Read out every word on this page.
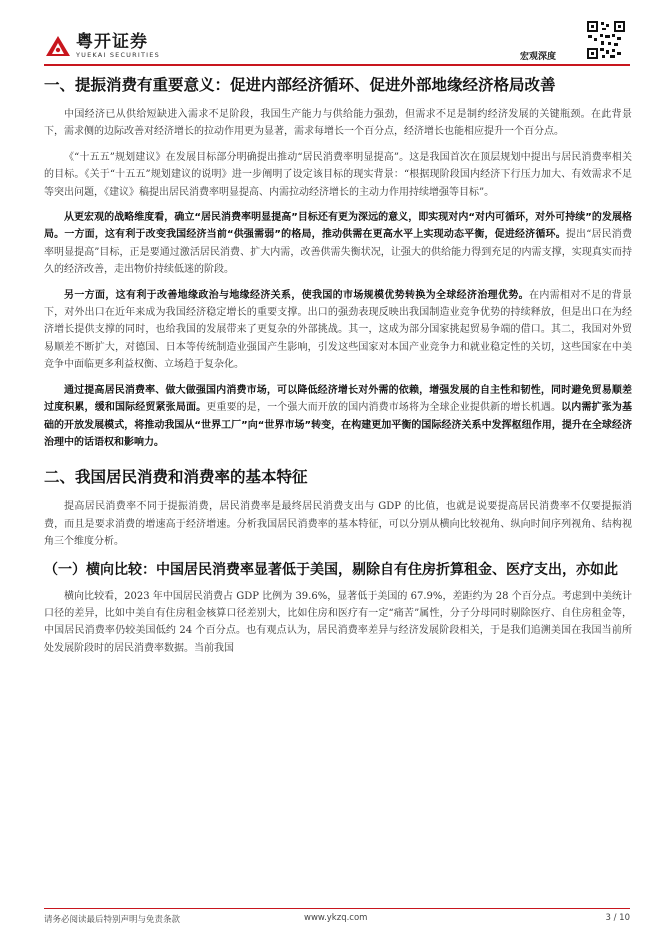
粤开证券
YUEKAI SECURITIES	宏观深度
一、提振消费有重要意义：促进内部经济循环、促进外部地缘经济格局改善

中国经济已从供给短缺进入需求不足阶段，我国生产能力与供给能力强劲，但需求不足是制约经济发展的关键瓶颈。在此背景下，需求侧的边际改善对经济增长的拉动作用更为显著，需求每增长一个百分点，经济增长也能相应提升一个百分点。

《“十五五”规划建议》在发展目标部分明确提出推动“居民消费率明显提高”。这是我国首次在顶层规划中提出与居民消费率相关的目标。《关于“十五五”规划建议的说明》进一步阐明了设定该目标的现实背景：“根据现阶段国内经济下行压力加大、有效需求不足等突出问题，《建议》稿提出居民消费率明显提高、内需拉动经济增长的主动力作用持续增强等目标”。

从更宏观的战略维度看，确立“居民消费率明显提高”目标还有更为深远的意义，即实现对内“对内可循环，对外可持续”的发展格局。一方面，这有利于改变我国经济当前“供强需弱”的格局，推动供需在更高水平上实现动态平衡，促进经济循环。提出“居民消费率明显提高”目标，正是要通过激活居民消费、扩大内需，改善供需失衡状况，让强大的供给能力得到充足的内需支撑，实现真实而持久的经济改善，走出物价持续低迷的阶段。

另一方面，这有利于改善地缘政治与地缘经济关系，使我国的市场规模优势转换为全球经济治理优势。在内需相对不足的背景下，对外出口在近年来成为我国经济稳定增长的重要支撑。出口的强劲表现反映出我国制造业竞争优势的持续释放，但是出口在为经济增长提供支撑的同时，也给我国的发展带来了更复杂的外部挑战。其一，这成为部分国家挑起贸易争端的借口。其二，我国对外贸易顺差不断扩大，对德国、日本等传统制造业强国产生影响，引发这些国家对本国产业竞争力和就业稳定性的关切，这些国家在中美竞争中面临更多利益权衡、立场趋于复杂化。

通过提高居民消费率、做大做强国内消费市场，可以降低经济增长对外需的依赖，增强发展的自主性和韧性，同时避免贸易顺差过度积累，缓和国际经贸紧张局面。更重要的是，一个强大而开放的国内消费市场将为全球企业提供新的增长机遇。以内需扩张为基础的开放发展模式，将推动我国从“世界工厂”向“世界市场”转变，在构建更加平衡的国际经济关系中发挥枢纽作用，提升在全球经济治理中的话语权和影响力。

二、我国居民消费和消费率的基本特征

提高居民消费率不同于提振消费，居民消费率是最终居民消费支出与 GDP 的比值，也就是说要提高居民消费率不仅要提振消费，而且是要求消费的增速高于经济增速。分析我国居民消费率的基本特征，可以分别从横向比较视角、纵向时间序列视角、结构视角三个维度分析。

（一）横向比较：中国居民消费率显著低于美国，剔除自有住房折算租金、医疗支出，亦如此

横向比较看，2023 年中国居民消费占 GDP 比例为 39.6%，显著低于美国的 67.9%，差距约为 28 个百分点。考虑到中美统计口径的差异，比如中美自有住房租金核算口径差别大，比如住房和医疗有一定“痛苦”属性，分子分母同时剔除医疗、自住房租金等，中国居民消费率仍较美国低约 24 个百分点。也有观点认为，居民消费率差异与经济发展阶段相关，于是我们追溯美国在我国当前所处发展阶段时的居民消费率数据。当前我国

请务必阅读最后特别声明与免责条款	www.ykzq.com	3 / 10
